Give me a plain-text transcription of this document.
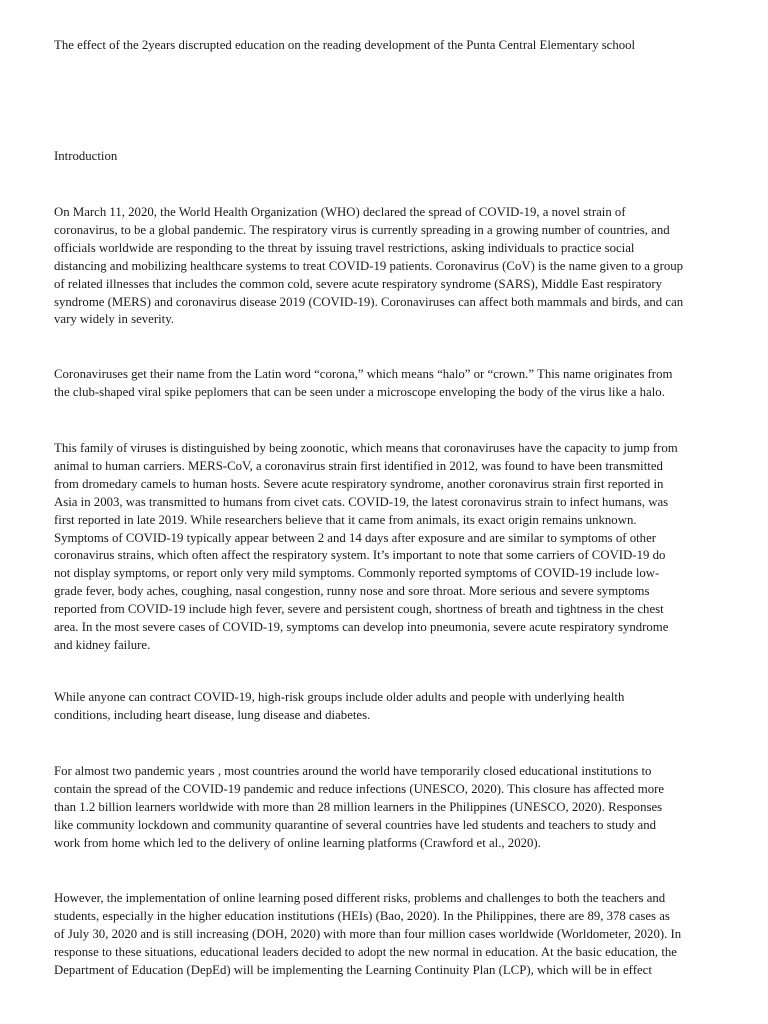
The effect of the 2years discrupted education on the reading development of the Punta Central Elementary school
Introduction
On March 11, 2020, the World Health Organization (WHO) declared the spread of COVID-19, a novel strain of
coronavirus, to be a global pandemic. The respiratory virus is currently spreading in a growing number of countries, and
officials worldwide are responding to the threat by issuing travel restrictions, asking individuals to practice social
distancing and mobilizing healthcare systems to treat COVID-19 patients. Coronavirus (CoV) is the name given to a group
of related illnesses that includes the common cold, severe acute respiratory syndrome (SARS), Middle East respiratory
syndrome (MERS) and coronavirus disease 2019 (COVID-19). Coronaviruses can affect both mammals and birds, and can
vary widely in severity.
Coronaviruses get their name from the Latin word “corona,” which means “halo” or “crown.” This name originates from
the club-shaped viral spike peplomers that can be seen under a microscope enveloping the body of the virus like a halo.
This family of viruses is distinguished by being zoonotic, which means that coronaviruses have the capacity to jump from
animal to human carriers. MERS-CoV, a coronavirus strain first identified in 2012, was found to have been transmitted
from dromedary camels to human hosts. Severe acute respiratory syndrome, another coronavirus strain first reported in
Asia in 2003, was transmitted to humans from civet cats. COVID-19, the latest coronavirus strain to infect humans, was
first reported in late 2019. While researchers believe that it came from animals, its exact origin remains unknown.
Symptoms of COVID-19 typically appear between 2 and 14 days after exposure and are similar to symptoms of other
coronavirus strains, which often affect the respiratory system. It’s important to note that some carriers of COVID-19 do
not display symptoms, or report only very mild symptoms. Commonly reported symptoms of COVID-19 include low-
grade fever, body aches, coughing, nasal congestion, runny nose and sore throat. More serious and severe symptoms
reported from COVID-19 include high fever, severe and persistent cough, shortness of breath and tightness in the chest
area. In the most severe cases of COVID-19, symptoms can develop into pneumonia, severe acute respiratory syndrome
and kidney failure.
While anyone can contract COVID-19, high-risk groups include older adults and people with underlying health
conditions, including heart disease, lung disease and diabetes.
For almost two pandemic years , most countries around the world have temporarily closed educational institutions to
contain the spread of the COVID-19 pandemic and reduce infections (UNESCO, 2020). This closure has affected more
than 1.2 billion learners worldwide with more than 28 million learners in the Philippines (UNESCO, 2020). Responses
like community lockdown and community quarantine of several countries have led students and teachers to study and
work from home which led to the delivery of online learning platforms (Crawford et al., 2020).
However, the implementation of online learning posed different risks, problems and challenges to both the teachers and
students, especially in the higher education institutions (HEIs) (Bao, 2020). In the Philippines, there are 89, 378 cases as
of July 30, 2020 and is still increasing (DOH, 2020) with more than four million cases worldwide (Worldometer, 2020). In
response to these situations, educational leaders decided to adopt the new normal in education. At the basic education, the
Department of Education (DepEd) will be implementing the Learning Continuity Plan (LCP), which will be in effect
